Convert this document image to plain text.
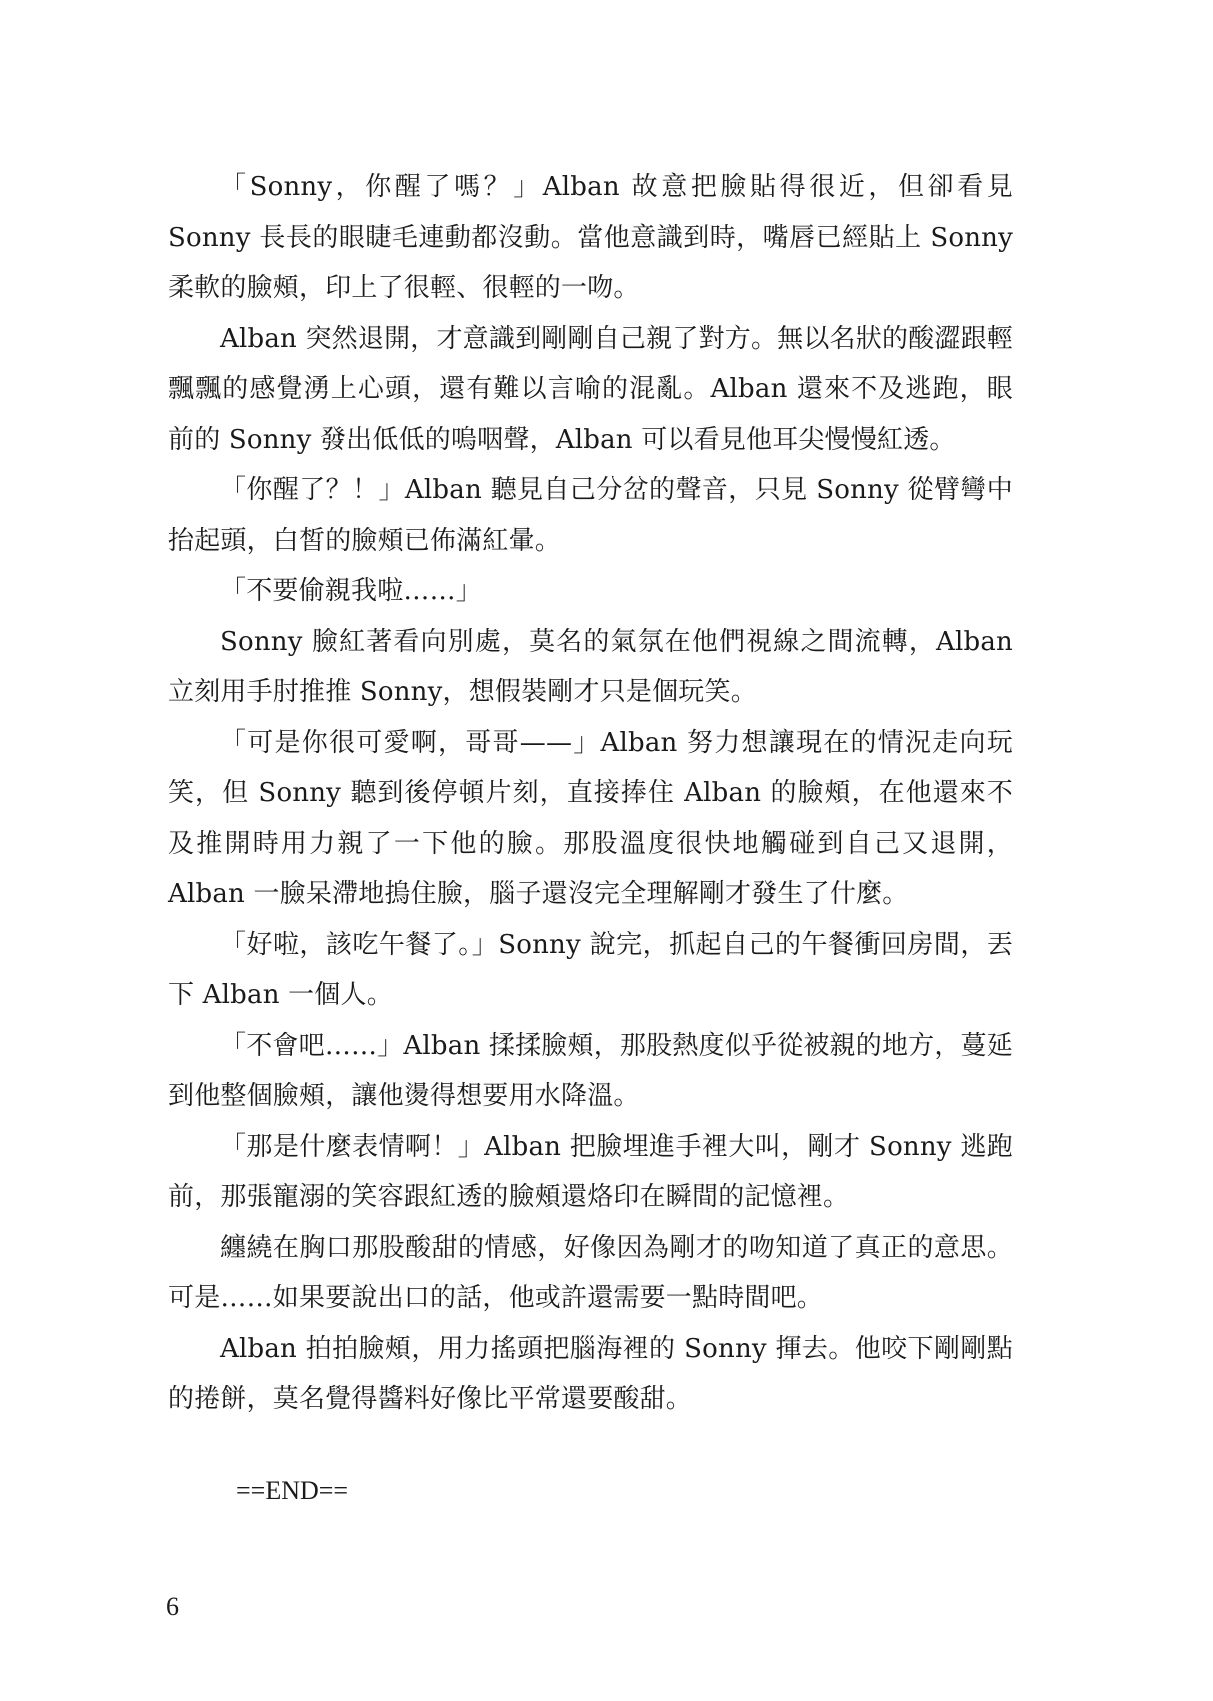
「Sonny，你醒了嗎？」Alban 故意把臉貼得很近，但卻看見 Sonny 長長的眼睫毛連動都沒動。當他意識到時，嘴唇已經貼上 Sonny 柔軟的臉頰，印上了很輕、很輕的一吻。

Alban 突然退開，才意識到剛剛自己親了對方。無以名狀的酸澀跟輕飄飄的感覺湧上心頭，還有難以言喻的混亂。Alban 還來不及逃跑，眼前的 Sonny 發出低低的嗚咽聲，Alban 可以看見他耳尖慢慢紅透。

「你醒了？！」Alban 聽見自己分岔的聲音，只見 Sonny 從臂彎中抬起頭，白皙的臉頰已佈滿紅暈。

「不要偷親我啦……」

Sonny 臉紅著看向別處，莫名的氣氛在他們視線之間流轉，Alban 立刻用手肘推推 Sonny，想假裝剛才只是個玩笑。

「可是你很可愛啊，哥哥——」Alban 努力想讓現在的情況走向玩笑，但 Sonny 聽到後停頓片刻，直接捧住 Alban 的臉頰，在他還來不及推開時用力親了一下他的臉。那股溫度很快地觸碰到自己又退開，Alban 一臉呆滯地摀住臉，腦子還沒完全理解剛才發生了什麼。

「好啦，該吃午餐了。」Sonny 說完，抓起自己的午餐衝回房間，丟下 Alban 一個人。

「不會吧……」Alban 揉揉臉頰，那股熱度似乎從被親的地方，蔓延到他整個臉頰，讓他燙得想要用水降溫。

「那是什麼表情啊！」Alban 把臉埋進手裡大叫，剛才 Sonny 逃跑前，那張寵溺的笑容跟紅透的臉頰還烙印在瞬間的記憶裡。

纏繞在胸口那股酸甜的情感，好像因為剛才的吻知道了真正的意思。可是……如果要說出口的話，他或許還需要一點時間吧。

Alban 拍拍臉頰，用力搖頭把腦海裡的 Sonny 揮去。他咬下剛剛點的捲餅，莫名覺得醬料好像比平常還要酸甜。

==END==

6
